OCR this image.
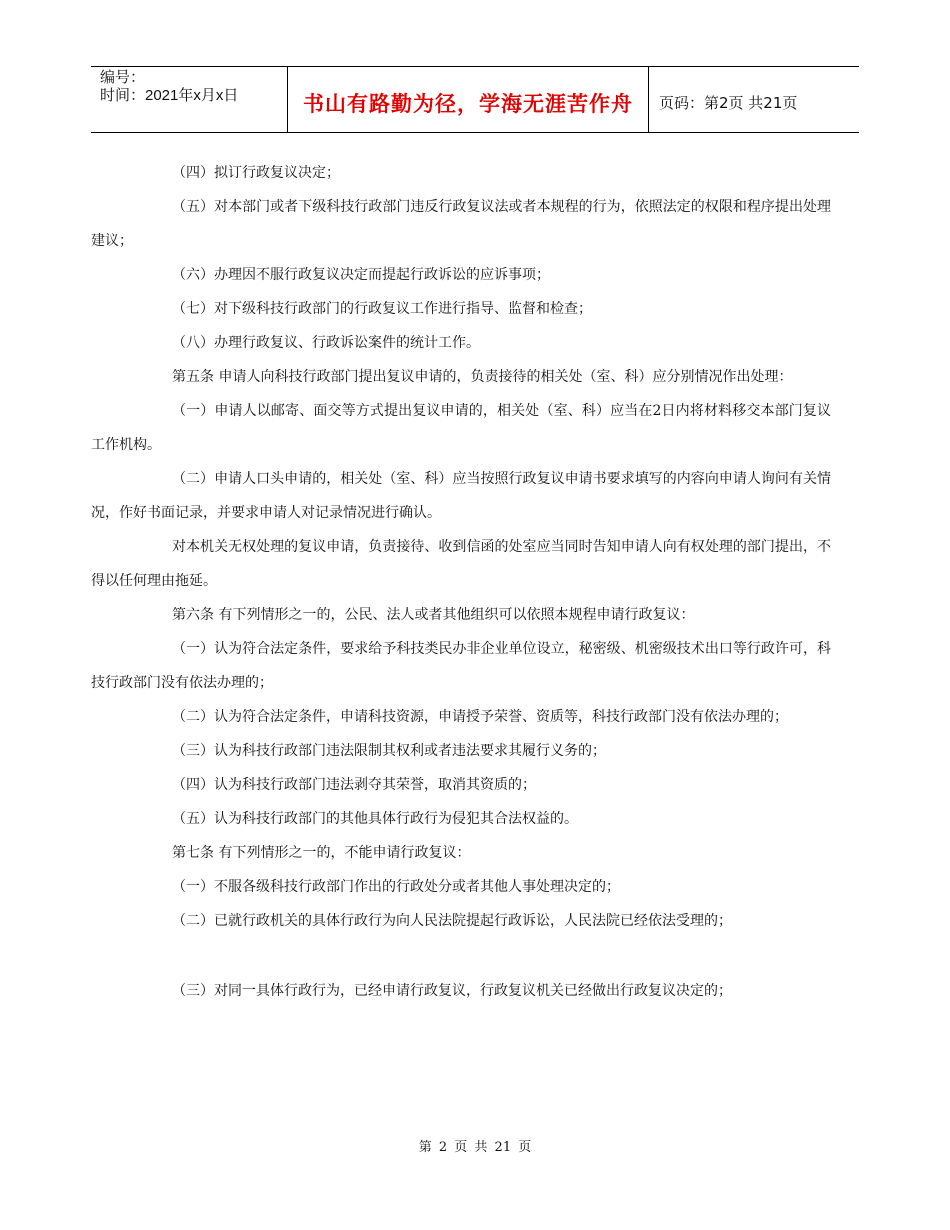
编号：
时间：2021年x月x日	书山有路勤为径，学海无涯苦作舟	页码：第2页 共21页

（四）拟订行政复议决定；

（五）对本部门或者下级科技行政部门违反行政复议法或者本规程的行为，依照法定的权限和程序提出处理建议；

（六）办理因不服行政复议决定而提起行政诉讼的应诉事项；

（七）对下级科技行政部门的行政复议工作进行指导、监督和检查；

（八）办理行政复议、行政诉讼案件的统计工作。

第五条 申请人向科技行政部门提出复议申请的，负责接待的相关处（室、科）应分别情况作出处理：

（一）申请人以邮寄、面交等方式提出复议申请的，相关处（室、科）应当在2日内将材料移交本部门复议工作机构。

（二）申请人口头申请的，相关处（室、科）应当按照行政复议申请书要求填写的内容向申请人询问有关情况，作好书面记录，并要求申请人对记录情况进行确认。

对本机关无权处理的复议申请，负责接待、收到信函的处室应当同时告知申请人向有权处理的部门提出，不得以任何理由拖延。

第六条 有下列情形之一的，公民、法人或者其他组织可以依照本规程申请行政复议：

（一）认为符合法定条件，要求给予科技类民办非企业单位设立，秘密级、机密级技术出口等行政许可，科技行政部门没有依法办理的；

（二）认为符合法定条件，申请科技资源，申请授予荣誉、资质等，科技行政部门没有依法办理的；

（三）认为科技行政部门违法限制其权利或者违法要求其履行义务的；

（四）认为科技行政部门违法剥夺其荣誉，取消其资质的；

（五）认为科技行政部门的其他具体行政行为侵犯其合法权益的。

第七条 有下列情形之一的，不能申请行政复议：

（一）不服各级科技行政部门作出的行政处分或者其他人事处理决定的；

（二）已就行政机关的具体行政行为向人民法院提起行政诉讼，人民法院已经依法受理的；

（三）对同一具体行政行为，已经申请行政复议，行政复议机关已经做出行政复议决定的；

第 2 页 共 21 页
